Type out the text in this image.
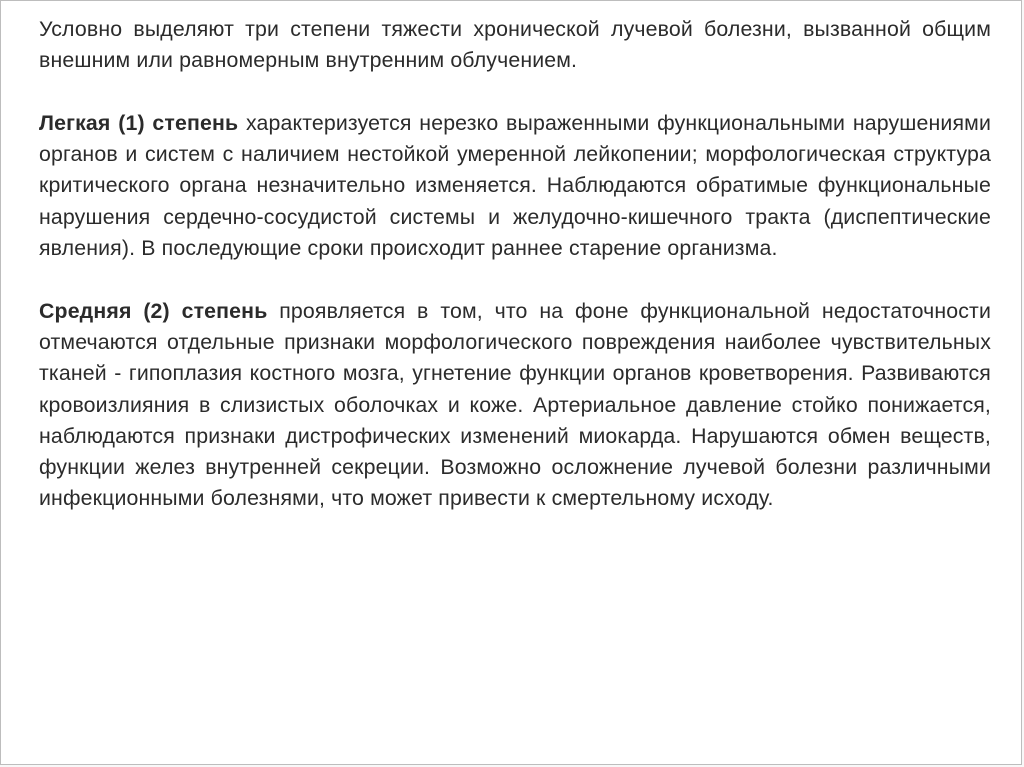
Условно выделяют три степени тяжести хронической лучевой болезни, вызванной общим внешним или равномерным внутренним облучением.

Легкая (1) степень характеризуется нерезко выраженными функциональными нарушениями органов и систем с наличием нестойкой умеренной лейкопении; морфологическая структура критического органа незначительно изменяется. Наблюдаются обратимые функциональные нарушения сердечно-сосудистой системы и желудочно-кишечного тракта (диспептические явления). В последующие сроки происходит раннее старение организма.

Средняя (2) степень проявляется в том, что на фоне функциональной недостаточности отмечаются отдельные признаки морфологического повреждения наиболее чувствительных тканей - гипоплазия костного мозга, угнетение функции органов кроветворения. Развиваются кровоизлияния в слизистых оболочках и коже. Артериальное давление стойко понижается, наблюдаются признаки дистрофических изменений миокарда. Нарушаются обмен веществ, функции желез внутренней секреции. Возможно осложнение лучевой болезни различными инфекционными болезнями, что может привести к смертельному исходу.
